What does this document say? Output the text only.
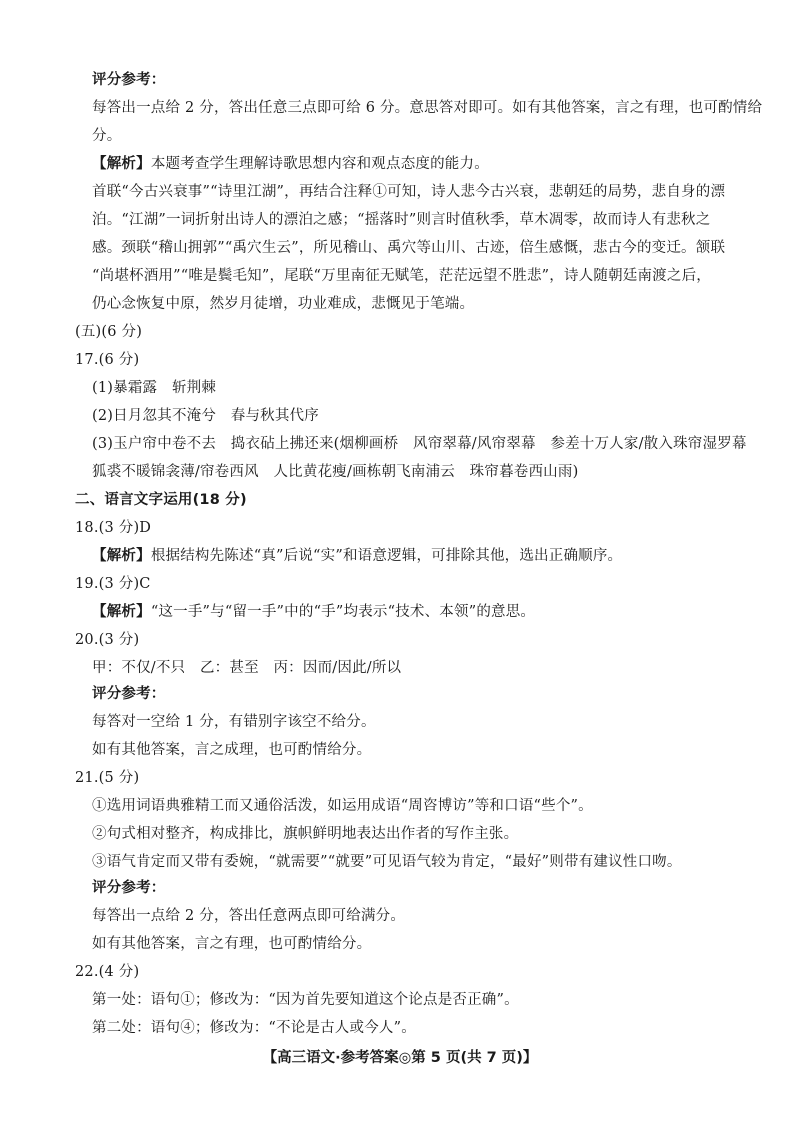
评分参考：
每答出一点给 2 分，答出任意三点即可给 6 分。意思答对即可。如有其他答案，言之有理，也可酌情给
分。
【解析】本题考查学生理解诗歌思想内容和观点态度的能力。
首联“今古兴衰事”“诗里江湖”，再结合注释①可知，诗人悲今古兴衰，悲朝廷的局势，悲自身的漂
泊。“江湖”一词折射出诗人的漂泊之感；“摇落时”则言时值秋季，草木凋零，故而诗人有悲秋之
感。颈联“稽山拥郭”“禹穴生云”，所见稽山、禹穴等山川、古迹，倍生感慨，悲古今的变迁。颔联
“尚堪杯酒用”“唯是鬓毛知”，尾联“万里南征无赋笔，茫茫远望不胜悲”，诗人随朝廷南渡之后，
仍心念恢复中原，然岁月徒增，功业难成，悲慨见于笔端。
(五)(6 分)
17.(6 分)
(1)暴霜露　斩荆棘
(2)日月忽其不淹兮　春与秋其代序
(3)玉户帘中卷不去　捣衣砧上拂还来(烟柳画桥　风帘翠幕/风帘翠幕　参差十万人家/散入珠帘湿罗幕
狐裘不暖锦衾薄/帘卷西风　人比黄花瘦/画栋朝飞南浦云　珠帘暮卷西山雨)
二、语言文字运用(18 分)
18.(3 分)D
【解析】根据结构先陈述“真”后说“实”和语意逻辑，可排除其他，选出正确顺序。
19.(3 分)C
【解析】“这一手”与“留一手”中的“手”均表示“技术、本领”的意思。
20.(3 分)
甲：不仅/不只　乙：甚至　丙：因而/因此/所以
评分参考：
每答对一空给 1 分，有错别字该空不给分。
如有其他答案，言之成理，也可酌情给分。
21.(5 分)
①选用词语典雅精工而又通俗活泼，如运用成语“周咨博访”等和口语“些个”。
②句式相对整齐，构成排比，旗帜鲜明地表达出作者的写作主张。
③语气肯定而又带有委婉，“就需要”“就要”可见语气较为肯定，“最好”则带有建议性口吻。
评分参考：
每答出一点给 2 分，答出任意两点即可给满分。
如有其他答案，言之有理，也可酌情给分。
22.(4 分)
第一处：语句①；修改为：“因为首先要知道这个论点是否正确”。
第二处：语句④；修改为：“不论是古人或今人”。
【高三语文·参考答案◎第 5 页(共 7 页)】
